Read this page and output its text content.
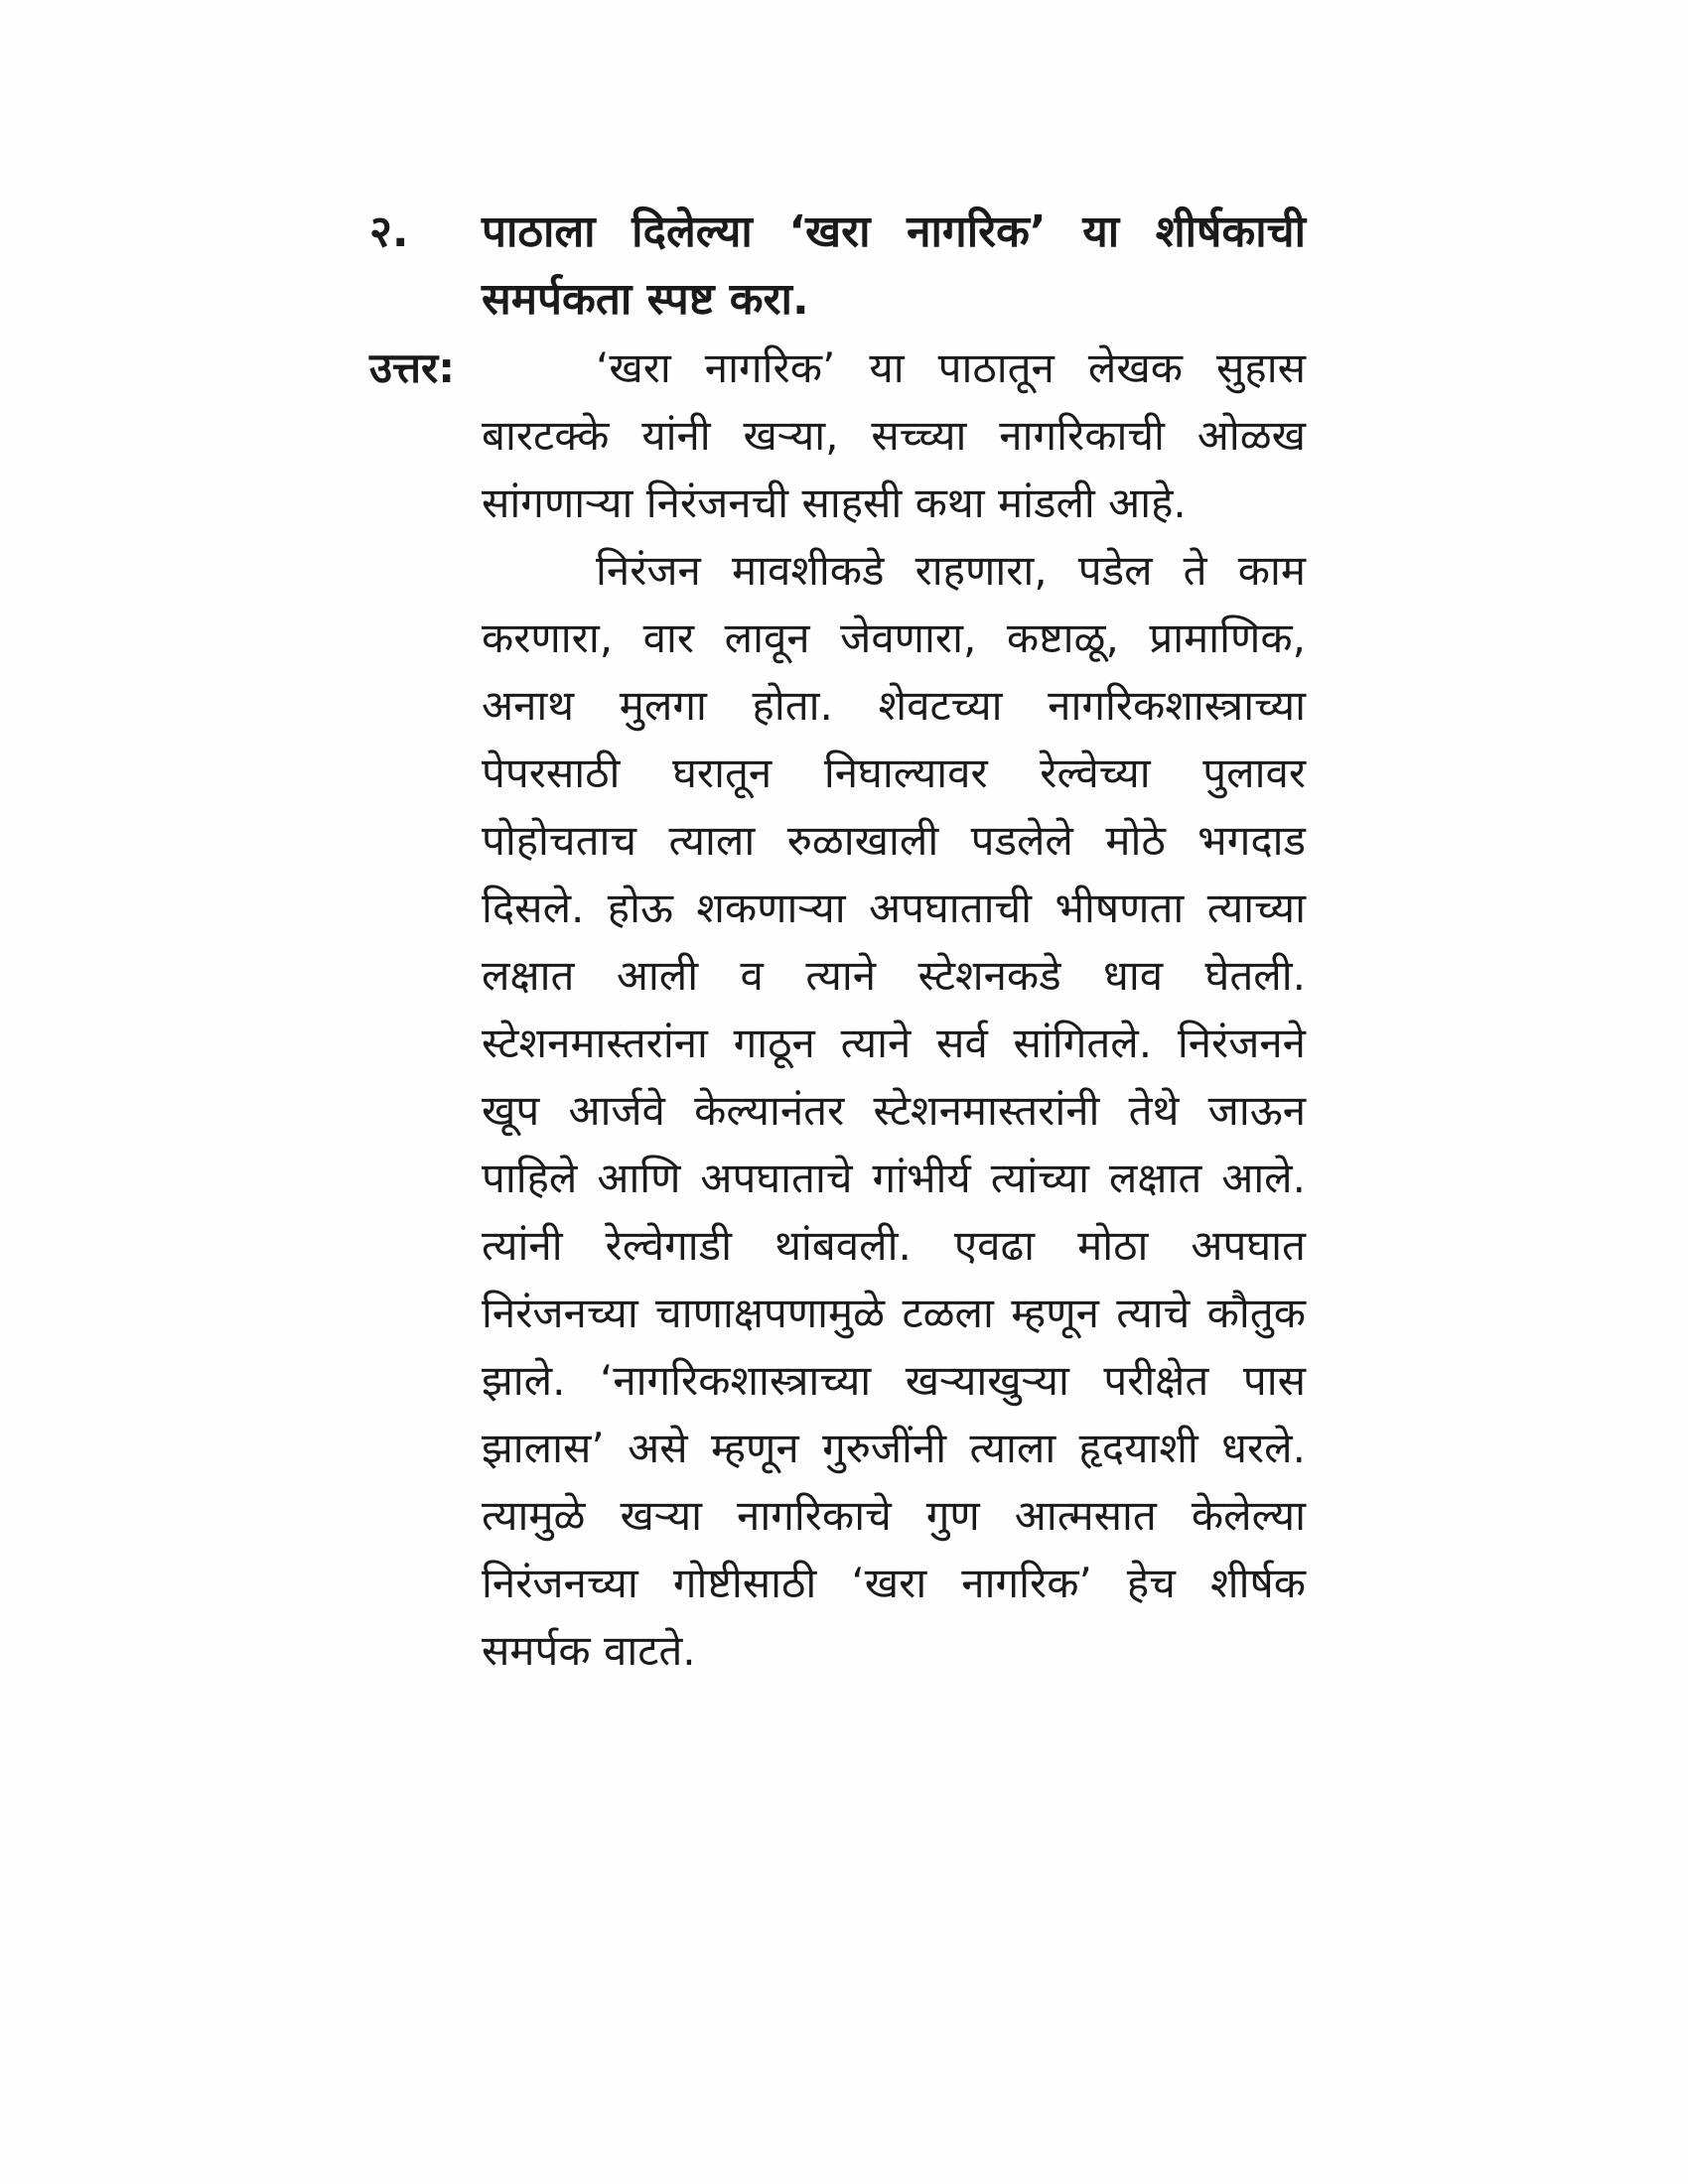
२. पाठाला दिलेल्या ‘खरा नागरिक’ या शीर्षकाची समर्पकता स्पष्ट करा.
उत्तर:	‘खरा नागरिक’ या पाठातून लेखक सुहास बारटक्के यांनी खऱ्या, सच्च्या नागरिकाची ओळख सांगणाऱ्या निरंजनची साहसी कथा मांडली आहे.

निरंजन मावशीकडे राहणारा, पडेल ते काम करणारा, वार लावून जेवणारा, कष्टाळू, प्रामाणिक, अनाथ मुलगा होता. शेवटच्या नागरिकशास्त्राच्या पेपरसाठी घरातून निघाल्यावर रेल्वेच्या पुलावर पोहोचताच त्याला रुळाखाली पडलेले मोठे भगदाड दिसले. होऊ शकणाऱ्या अपघाताची भीषणता त्याच्या लक्षात आली व त्याने स्टेशनकडे धाव घेतली. स्टेशनमास्तरांना गाठून त्याने सर्व सांगितले. निरंजनने खूप आर्जवे केल्यानंतर स्टेशनमास्तरांनी तेथे जाऊन पाहिले आणि अपघाताचे गांभीर्य त्यांच्या लक्षात आले. त्यांनी रेल्वेगाडी थांबवली. एवढा मोठा अपघात निरंजनच्या चाणाक्षपणामुळे टळला म्हणून त्याचे कौतुक झाले. ‘नागरिकशास्त्राच्या खऱ्याखुऱ्या परीक्षेत पास झालास’ असे म्हणून गुरुजींनी त्याला हृदयाशी धरले. त्यामुळे खऱ्या नागरिकाचे गुण आत्मसात केलेल्या निरंजनच्या गोष्टीसाठी ‘खरा नागरिक’ हेच शीर्षक समर्पक वाटते.
